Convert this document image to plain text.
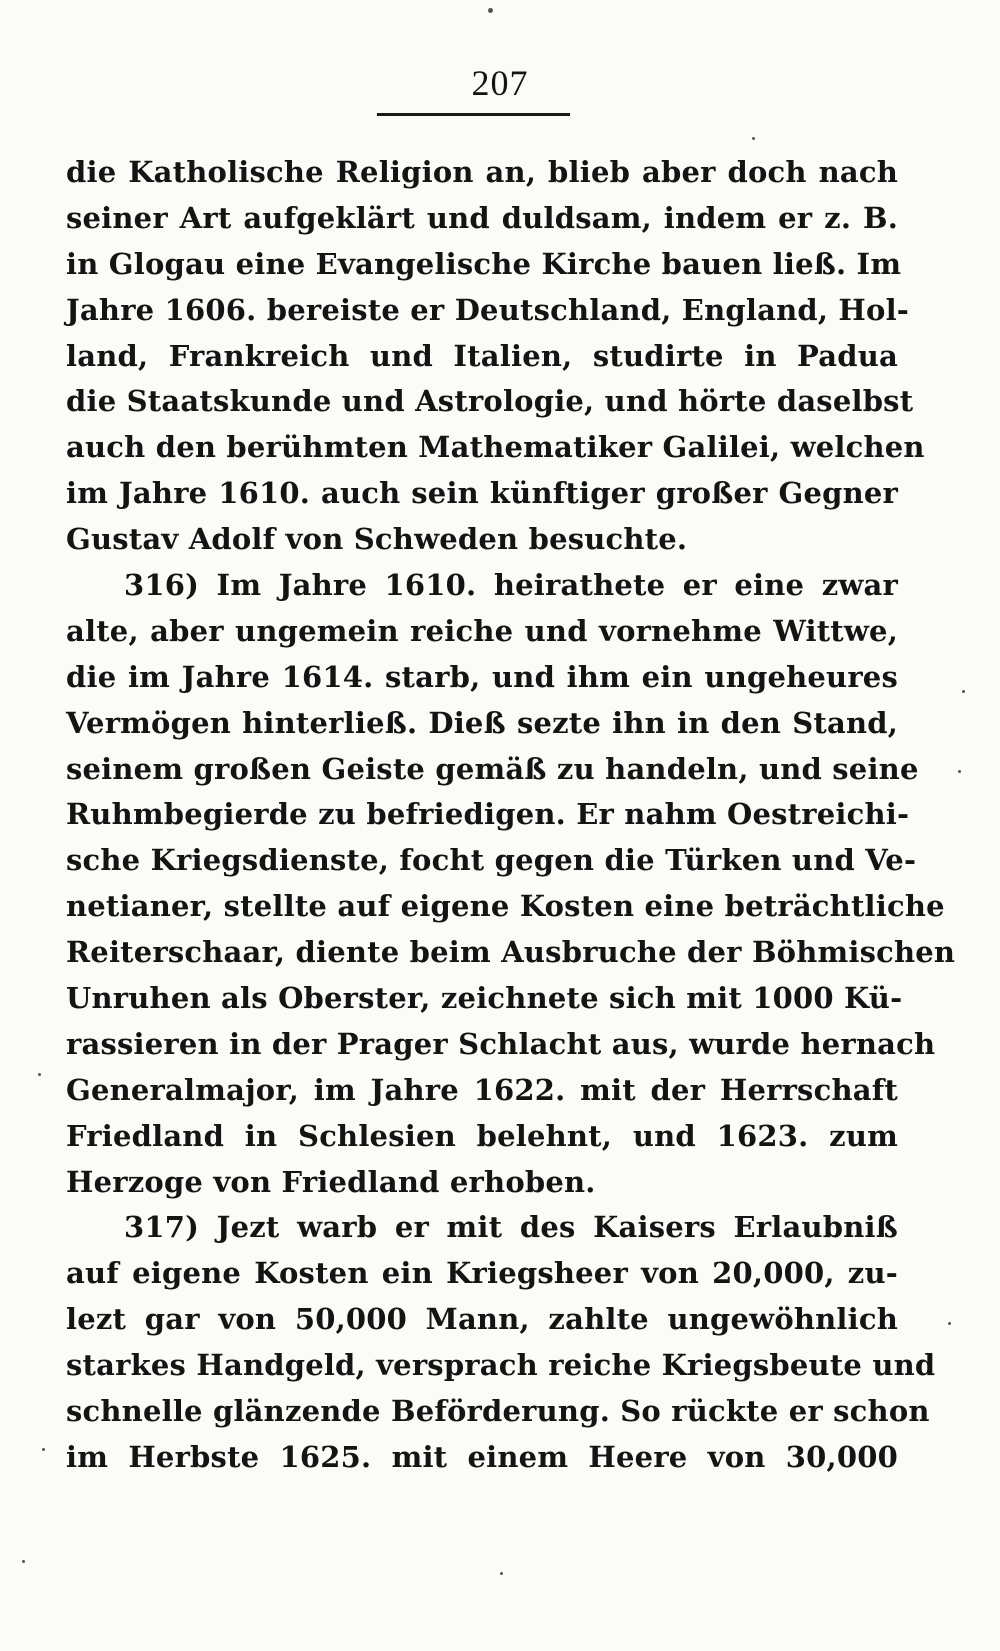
207
die Katholische Religion an, blieb aber doch nach
seiner Art aufgeklärt und duldsam, indem er z. B.
in Glogau eine Evangelische Kirche bauen ließ. Im
Jahre 1606. bereiste er Deutschland, England, Hol-
land, Frankreich und Italien, studirte in Padua
die Staatskunde und Astrologie, und hörte daselbst
auch den berühmten Mathematiker Galilei, welchen
im Jahre 1610. auch sein künftiger großer Gegner
Gustav Adolf von Schweden besuchte.
316) Im Jahre 1610. heirathete er eine zwar
alte, aber ungemein reiche und vornehme Wittwe,
die im Jahre 1614. starb, und ihm ein ungeheures
Vermögen hinterließ. Dieß sezte ihn in den Stand,
seinem großen Geiste gemäß zu handeln, und seine
Ruhmbegierde zu befriedigen. Er nahm Oestreichi-
sche Kriegsdienste, focht gegen die Türken und Ve-
netianer, stellte auf eigene Kosten eine beträchtliche
Reiterschaar, diente beim Ausbruche der Böhmischen
Unruhen als Oberster, zeichnete sich mit 1000 Kü-
rassieren in der Prager Schlacht aus, wurde hernach
Generalmajor, im Jahre 1622. mit der Herrschaft
Friedland in Schlesien belehnt, und 1623. zum
Herzoge von Friedland erhoben.
317) Jezt warb er mit des Kaisers Erlaubniß
auf eigene Kosten ein Kriegsheer von 20,000, zu-
lezt gar von 50,000 Mann, zahlte ungewöhnlich
starkes Handgeld, versprach reiche Kriegsbeute und
schnelle glänzende Beförderung. So rückte er schon
im Herbste 1625. mit einem Heere von 30,000
